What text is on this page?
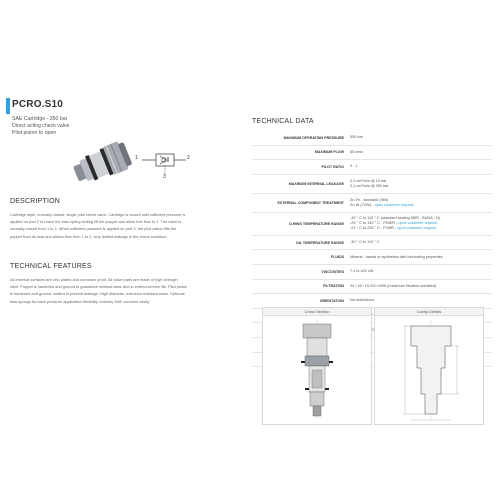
PCRO.S10
SAE Cartridge - 350 bar
Direct acting check valve
Pilot piston to open
1	2
3
DESCRIPTION
Cartridge style, normally closed, single pilot check valve. Cartridge is closed until sufficient pressure is
applied on port 2 to reach the bias spring setting lift the poppet and allow free flow to 1. The valve is
normally closed from 1 to 2. When sufficient pressure is applied on port 3, the pilot piston lifts the
poppet from its seat and allows flow from 1 to 2, very limited leakage in the check condition.
TECHNICAL FEATURES
All external surfaces are zinc plated and corrosion proof. All valve parts are made of high strength
steel. Poppet is hardened and ground to guarantee minimal wear and to extend service life. Pilot piston
is hardened and ground, sealed to prevent leakage. High diameter, extrusion resistant seals. Optional
bias springs for back-pressure application flexibility. Industry SAE common cavity.
TECHNICAL DATA
MAXIMUM OPERATING PRESSURE	350 bar
MAXIMUM FLOW	60 l/min
PILOT RATIO	3 : 1
MAXIMUM INTERNAL LEAKAGE	0,1 cm³/min @ 10 bar
0,1 cm³/min @ 350 bar

EXTERNAL COMPONENT TREATMENT	Zn-Fe - standard (96h)
Zn-Ni (720h) - upon customer request

O-RING TEMPERATURE RANGE	-30 ° C to 110 ° C (standard sealing NBR - BUNA - N)
-25 ° C to 140 ° C - FKM/R - upon customer request
-23 ° C to 225 ° C - FVMR - upon customer request

OIL TEMPERATURE RANGE	-30 ° C to 110 ° C
FLUIDS	Mineral - based or synthetics with lubricating properties
VISCOSITIES	7,4 to 420 cSt
FILTRATION	20 / 18 / 15 ISO 4406 (maximum filtration admitted)
ORIENTATION	No restrictions

	cSt

Cross Section	Cavity Details
